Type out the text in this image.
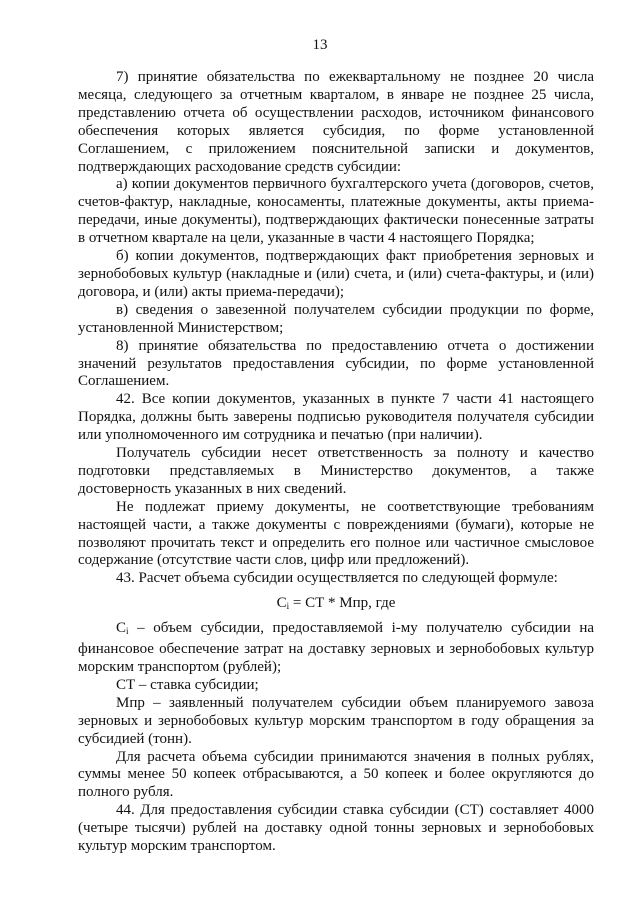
13

7) принятие обязательства по ежеквартальному не позднее 20 числа месяца, следующего за отчетным кварталом, в январе не позднее 25 числа, представлению отчета об осуществлении расходов, источником финансового обеспечения которых является субсидия, по форме установленной Соглашением, с приложением пояснительной записки и документов, подтверждающих расходование средств субсидии:

а) копии документов первичного бухгалтерского учета (договоров, счетов, счетов-фактур, накладные, коносаменты, платежные документы, акты приема-передачи, иные документы), подтверждающих фактически понесенные затраты в отчетном квартале на цели, указанные в части 4 настоящего Порядка;

б) копии документов, подтверждающих факт приобретения зерновых и зернобобовых культур (накладные и (или) счета, и (или) счета-фактуры, и (или) договора, и (или) акты приема-передачи);

в) сведения о завезенной получателем субсидии продукции по форме, установленной Министерством;

8) принятие обязательства по предоставлению отчета о достижении значений результатов предоставления субсидии, по форме установленной Соглашением.

42. Все копии документов, указанных в пункте 7 части 41 настоящего Порядка, должны быть заверены подписью руководителя получателя субсидии или уполномоченного им сотрудника и печатью (при наличии).

Получатель субсидии несет ответственность за полноту и качество подготовки представляемых в Министерство документов, а также достоверность указанных в них сведений.

Не подлежат приему документы, не соответствующие требованиям настоящей части, а также документы с повреждениями (бумаги), которые не позволяют прочитать текст и определить его полное или частичное смысловое содержание (отсутствие части слов, цифр или предложений).

43. Расчет объема субсидии осуществляется по следующей формуле:

$C_i$ = СТ * Мпр, где

$C_i$ – объем субсидии, предоставляемой i-му получателю субсидии на финансовое обеспечение затрат на доставку зерновых и зернобобовых культур морским транспортом (рублей);

СТ – ставка субсидии;

Мпр – заявленный получателем субсидии объем планируемого завоза зерновых и зернобобовых культур морским транспортом в году обращения за субсидией (тонн).

Для расчета объема субсидии принимаются значения в полных рублях, суммы менее 50 копеек отбрасываются, а 50 копеек и более округляются до полного рубля.

44. Для предоставления субсидии ставка субсидии (СТ) составляет 4000 (четыре тысячи) рублей на доставку одной тонны зерновых и зернобобовых культур морским транспортом.
